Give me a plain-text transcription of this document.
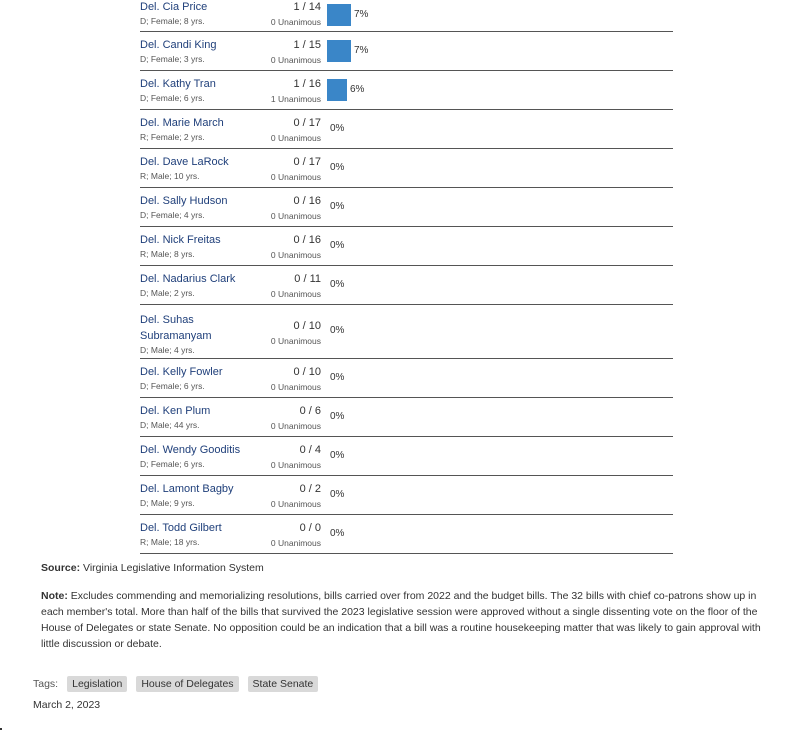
Del. Cia Price
D; Female; 8 yrs.
1 / 14
0 Unanimous
7%
Del. Candi King
D; Female; 3 yrs.
1 / 15
0 Unanimous
7%
Del. Kathy Tran
D; Female; 6 yrs.
1 / 16
1 Unanimous
6%
Del. Marie March
R; Female; 2 yrs.
0 / 17
0 Unanimous
0%
Del. Dave LaRock
R; Male; 10 yrs.
0 / 17
0 Unanimous
0%
Del. Sally Hudson
D; Female; 4 yrs.
0 / 16
0 Unanimous
0%
Del. Nick Freitas
R; Male; 8 yrs.
0 / 16
0 Unanimous
0%
Del. Nadarius Clark
D; Male; 2 yrs.
0 / 11
0 Unanimous
0%
Del. Suhas Subramanyam
D; Male; 4 yrs.
0 / 10
0 Unanimous
0%
Del. Kelly Fowler
D; Female; 6 yrs.
0 / 10
0 Unanimous
0%
Del. Ken Plum
D; Male; 44 yrs.
0 / 6
0 Unanimous
0%
Del. Wendy Gooditis
D; Female; 6 yrs.
0 / 4
0 Unanimous
0%
Del. Lamont Bagby
D; Male; 9 yrs.
0 / 2
0 Unanimous
0%
Del. Todd Gilbert
R; Male; 18 yrs.
0 / 0
0 Unanimous
0%
Source: Virginia Legislative Information System
Note: Excludes commending and memorializing resolutions, bills carried over from 2022 and the budget bills. The 32 bills with chief co-patrons show up in each member's total. More than half of the bills that survived the 2023 legislative session were approved without a single dissenting vote on the floor of the House of Delegates or state Senate. No opposition could be an indication that a bill was a routine housekeeping matter that was likely to gain approval with little discussion or debate.
Tags:	Legislation	House of Delegates	State Senate
March 2, 2023
